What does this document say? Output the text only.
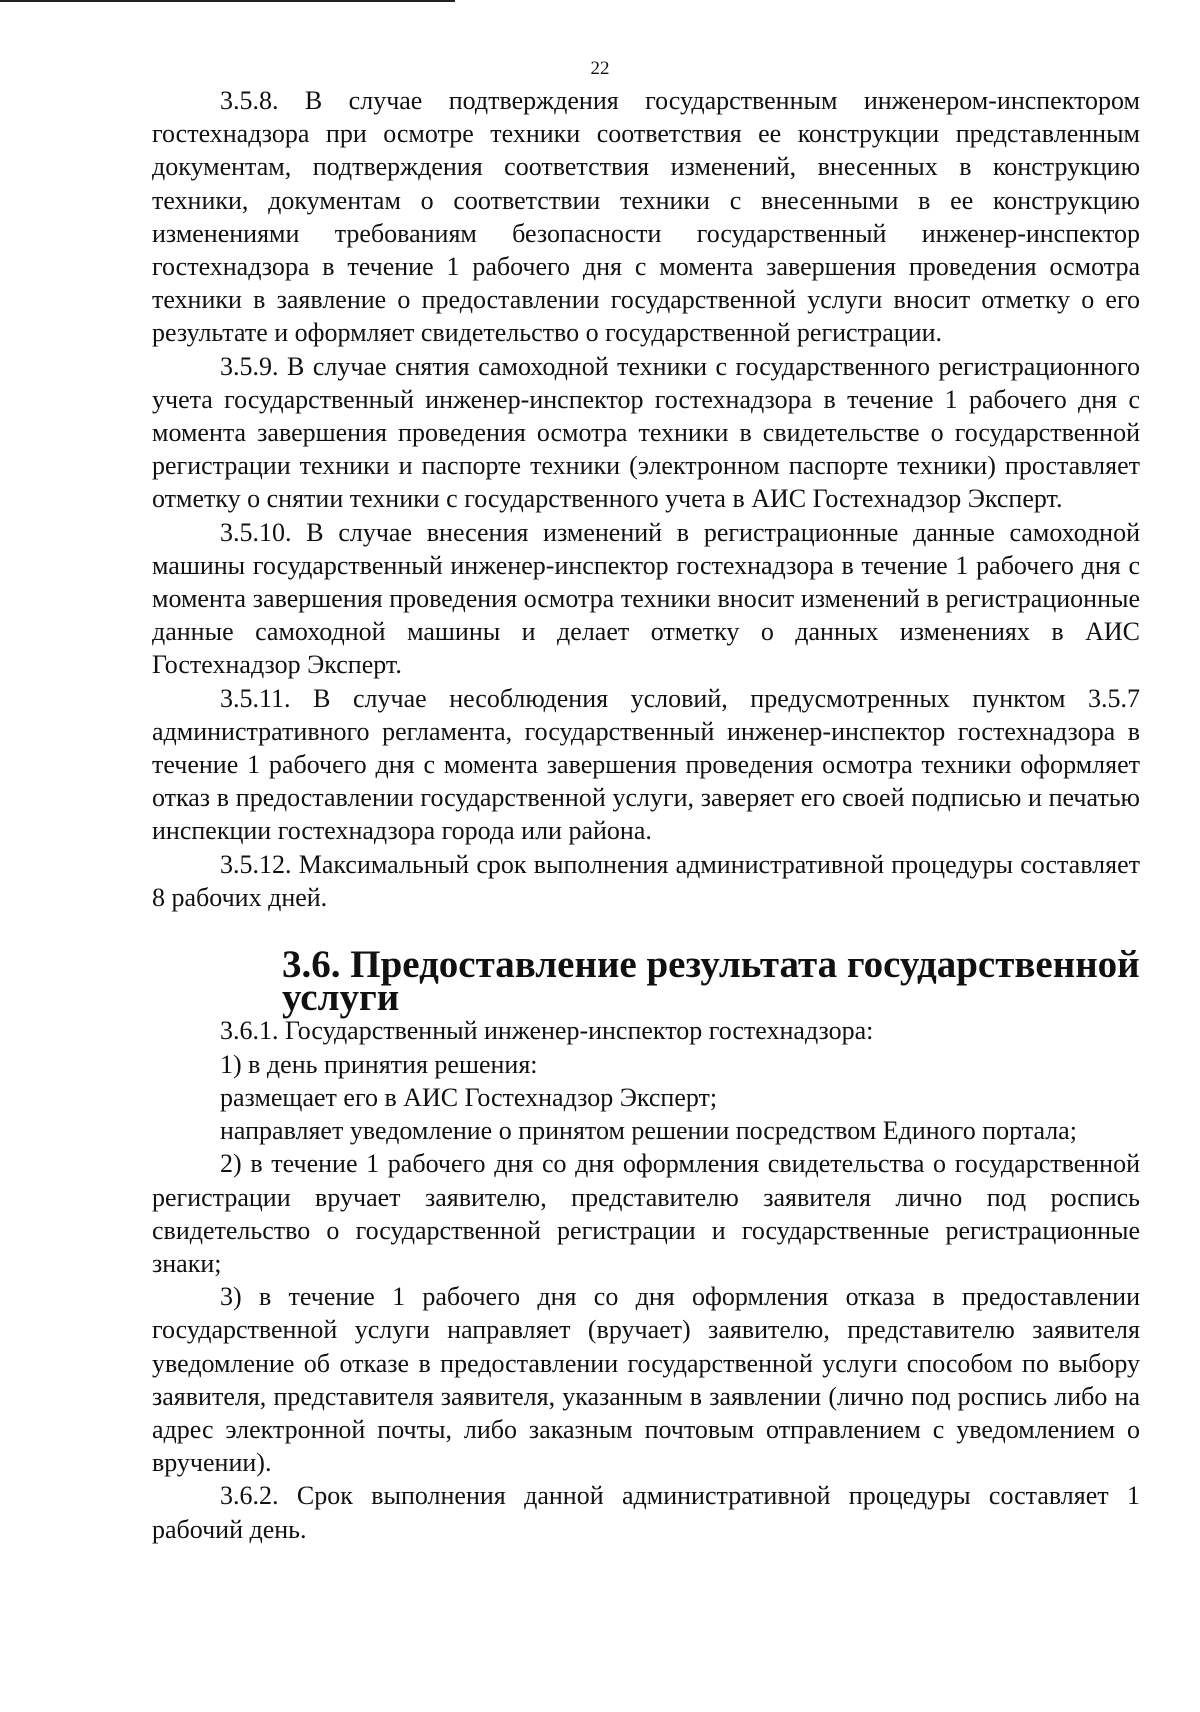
22

3.5.8. В случае подтверждения государственным инженером-инспектором гостехнадзора при осмотре техники соответствия ее конструкции представленным документам, подтверждения соответствия изменений, внесенных в конструкцию техники, документам о соответствии техники с внесенными в ее конструкцию изменениями требованиям безопасности государственный инженер-инспектор гостехнадзора в течение 1 рабочего дня с момента завершения проведения осмотра техники в заявление о предоставлении государственной услуги вносит отметку о его результате и оформляет свидетельство о государственной регистрации.

3.5.9. В случае снятия самоходной техники с государственного регистрационного учета государственный инженер-инспектор гостехнадзора в течение 1 рабочего дня с момента завершения проведения осмотра техники в свидетельстве о государственной регистрации техники и паспорте техники (электронном паспорте техники) проставляет отметку о снятии техники с государственного учета в АИС Гостехнадзор Эксперт.

3.5.10. В случае внесения изменений в регистрационные данные самоходной машины государственный инженер-инспектор гостехнадзора в течение 1 рабочего дня с момента завершения проведения осмотра техники вносит изменений в регистрационные данные самоходной машины и делает отметку о данных изменениях в АИС Гостехнадзор Эксперт.

3.5.11. В случае несоблюдения условий, предусмотренных пунктом 3.5.7 административного регламента, государственный инженер-инспектор гостехнадзора в течение 1 рабочего дня с момента завершения проведения осмотра техники оформляет отказ в предоставлении государственной услуги, заверяет его своей подписью и печатью инспекции гостехнадзора города или района.

3.5.12. Максимальный срок выполнения административной процедуры составляет 8 рабочих дней.

3.6. Предоставление результата государственной услуги

3.6.1. Государственный инженер-инспектор гостехнадзора:

1) в день принятия решения:

размещает его в АИС Гостехнадзор Эксперт;

направляет уведомление о принятом решении посредством Единого портала;

2) в течение 1 рабочего дня со дня оформления свидетельства о государственной регистрации вручает заявителю, представителю заявителя лично под роспись свидетельство о государственной регистрации и государственные регистрационные знаки;

3) в течение 1 рабочего дня со дня оформления отказа в предоставлении государственной услуги направляет (вручает) заявителю, представителю заявителя уведомление об отказе в предоставлении государственной услуги способом по выбору заявителя, представителя заявителя, указанным в заявлении (лично под роспись либо на адрес электронной почты, либо заказным почтовым отправлением с уведомлением о вручении).

3.6.2. Срок выполнения данной административной процедуры составляет 1 рабочий день.
